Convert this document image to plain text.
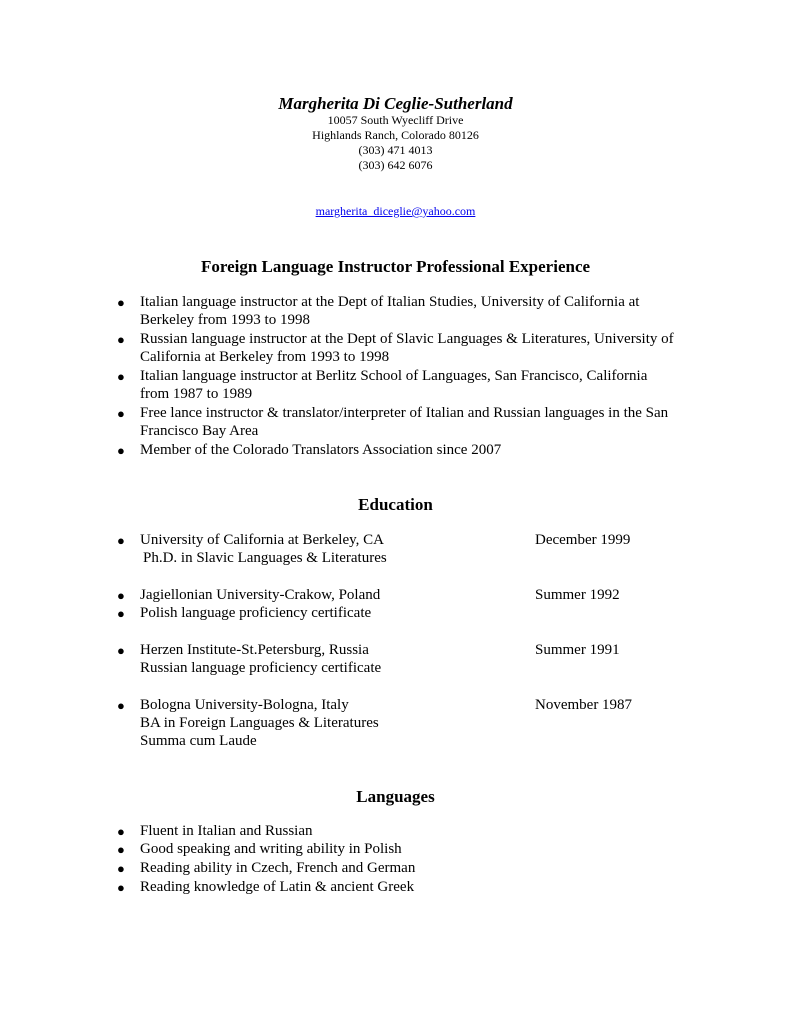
Margherita Di Ceglie-Sutherland
10057 South Wyecliff Drive
Highlands Ranch, Colorado 80126
(303) 471 4013
(303) 642 6076
margherita_diceglie@yahoo.com
Foreign Language Instructor Professional Experience
● Italian language instructor at the Dept of Italian Studies, University of California at Berkeley from 1993 to 1998
● Russian language instructor at the Dept of Slavic Languages & Literatures, University of California at Berkeley from 1993 to 1998
● Italian language instructor at Berlitz School of Languages, San Francisco, California from 1987 to 1989
● Free lance instructor & translator/interpreter of Italian and Russian languages in the San Francisco Bay Area
● Member of the Colorado Translators Association since 2007
Education
● University of California at Berkeley, CA	December 1999
Ph.D. in Slavic Languages & Literatures
● Jagiellonian University-Crakow, Poland	Summer 1992
● Polish language proficiency certificate
● Herzen Institute-St.Petersburg, Russia	Summer 1991
Russian language proficiency certificate
● Bologna University-Bologna, Italy	November 1987
BA in Foreign Languages & Literatures
Summa cum Laude
Languages
● Fluent in Italian and Russian
● Good speaking and writing ability in Polish
● Reading ability in Czech, French and German
● Reading knowledge of Latin & ancient Greek
